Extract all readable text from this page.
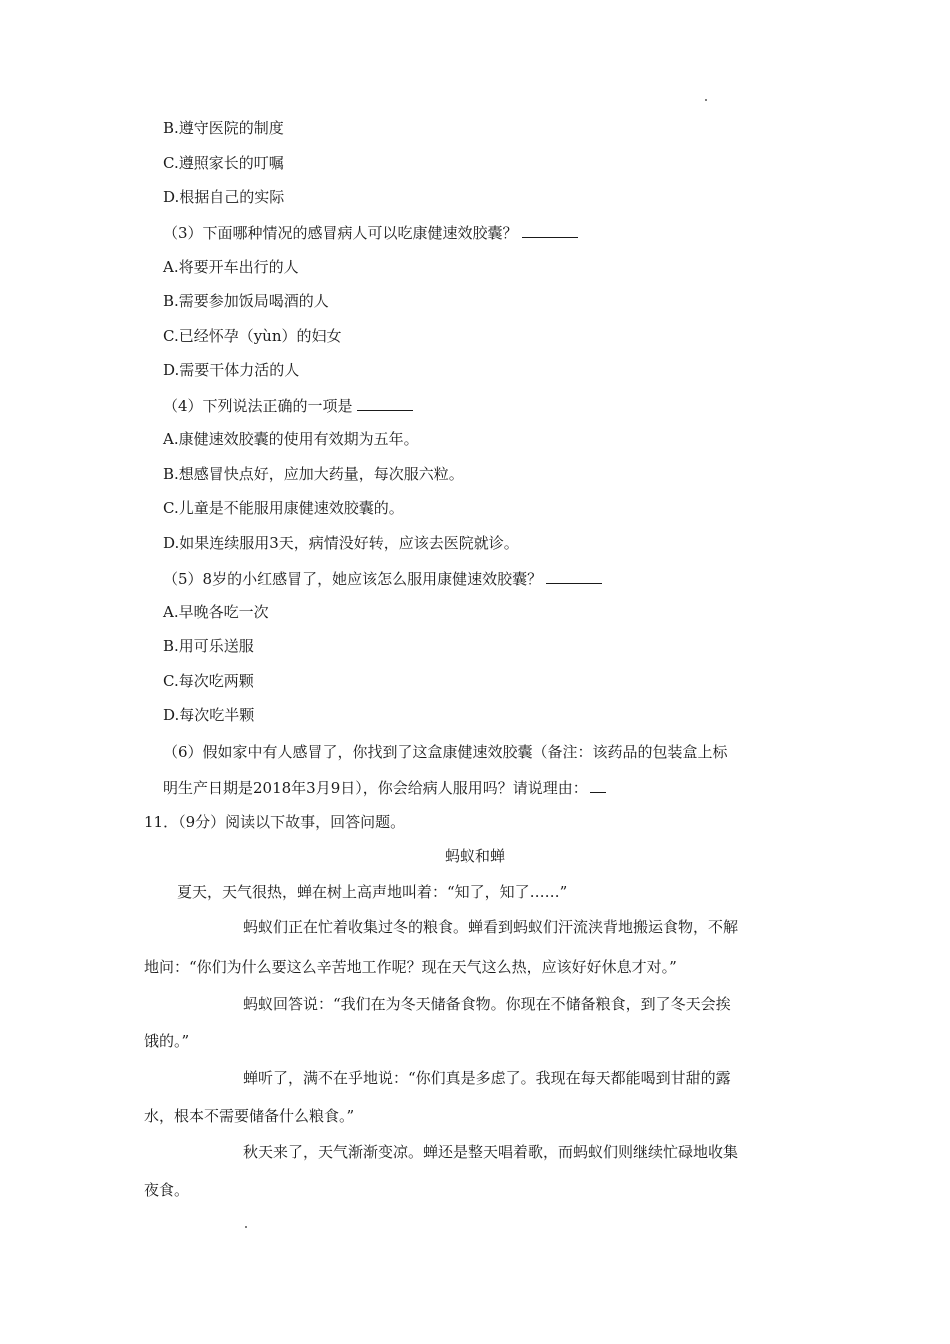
B.遵守医院的制度
C.遵照家长的叮嘱
D.根据自己的实际
（3）下面哪种情况的感冒病人可以吃康健速效胶囊？
A.将要开车出行的人
B.需要参加饭局喝酒的人
C.已经怀孕（yùn）的妇女
D.需要干体力活的人
（4）下列说法正确的一项是
A.康健速效胶囊的使用有效期为五年。
B.想感冒快点好，应加大药量，每次服六粒。
C.儿童是不能服用康健速效胶囊的。
D.如果连续服用3天，病情没好转，应该去医院就诊。
（5）8岁的小红感冒了，她应该怎么服用康健速效胶囊？
A.早晚各吃一次
B.用可乐送服
C.每次吃两颗
D.每次吃半颗
（6）假如家中有人感冒了，你找到了这盒康健速效胶囊（备注：该药品的包装盒上标
明生产日期是2018年3月9日），你会给病人服用吗？请说理由：
11．（9分）阅读以下故事，回答问题。
蚂蚁和蝉
夏天，天气很热，蝉在树上高声地叫着：“知了，知了……”
蚂蚁们正在忙着收集过冬的粮食。蝉看到蚂蚁们汗流浃背地搬运食物，不解
地问：“你们为什么要这么辛苦地工作呢？现在天气这么热，应该好好休息才对。”
蚂蚁回答说：“我们在为冬天储备食物。你现在不储备粮食，到了冬天会挨
饿的。”
蝉听了，满不在乎地说：“你们真是多虑了。我现在每天都能喝到甘甜的露
水，根本不需要储备什么粮食。”
秋天来了，天气渐渐变凉。蝉还是整天唱着歌，而蚂蚁们则继续忙碌地收集
夜食。
